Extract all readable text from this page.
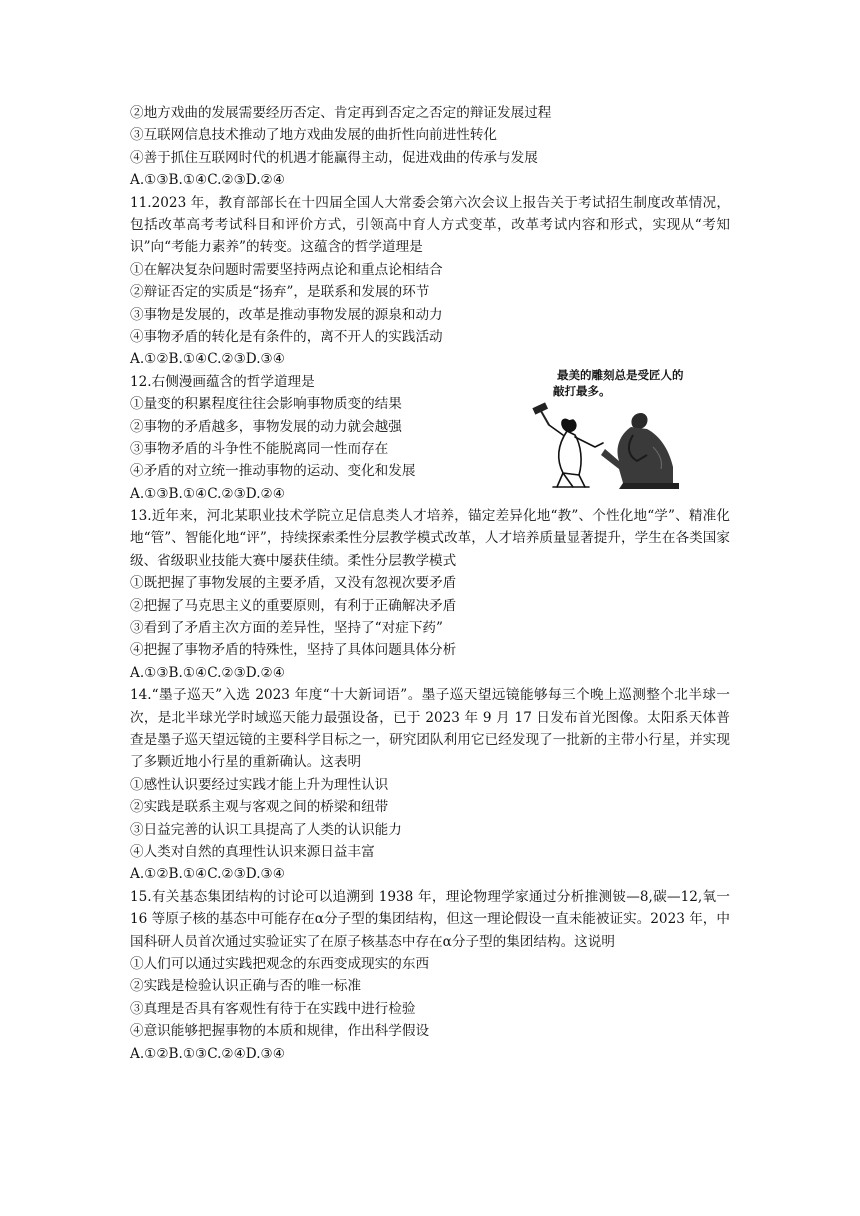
②地方戏曲的发展需要经历否定、肯定再到否定之否定的辩证发展过程
③互联网信息技术推动了地方戏曲发展的曲折性向前进性转化
④善于抓住互联网时代的机遇才能赢得主动，促进戏曲的传承与发展
A.①③B.①④C.②③D.②④
11.2023 年，教育部部长在十四届全国人大常委会第六次会议上报告关于考试招生制度改革情况，包括改革高考考试科目和评价方式，引领高中育人方式变革，改革考试内容和形式，实现从“考知识”向“考能力素养”的转变。这蕴含的哲学道理是
①在解决复杂问题时需要坚持两点论和重点论相结合
②辩证否定的实质是“扬弃”，是联系和发展的环节
③事物是发展的，改革是推动事物发展的源泉和动力
④事物矛盾的转化是有条件的，离不开人的实践活动
A.①②B.①④C.②③D.③④
12.右侧漫画蕴含的哲学道理是
①量变的积累程度往往会影响事物质变的结果
②事物的矛盾越多，事物发展的动力就会越强
③事物矛盾的斗争性不能脱离同一性而存在
④矛盾的对立统一推动事物的运动、变化和发展
A.①③B.①④C.②③D.②④
最美的雕刻总是受匠人的
敲打最多。
13.近年来，河北某职业技术学院立足信息类人才培养，锚定差异化地“教”、个性化地“学”、精准化地“管”、智能化地“评”，持续探索柔性分层教学模式改革，人才培养质量显著提升，学生在各类国家级、省级职业技能大赛中屡获佳绩。柔性分层教学模式
①既把握了事物发展的主要矛盾，又没有忽视次要矛盾
②把握了马克思主义的重要原则，有利于正确解决矛盾
③看到了矛盾主次方面的差异性，坚持了“对症下药”
④把握了事物矛盾的特殊性，坚持了具体问题具体分析
A.①③B.①④C.②③D.②④
14.“墨子巡天”入选 2023 年度“十大新词语”。墨子巡天望远镜能够每三个晚上巡测整个北半球一次，是北半球光学时域巡天能力最强设备，已于 2023 年 9 月 17 日发布首光图像。太阳系天体普查是墨子巡天望远镜的主要科学目标之一，研究团队利用它已经发现了一批新的主带小行星，并实现了多颗近地小行星的重新确认。这表明
①感性认识要经过实践才能上升为理性认识
②实践是联系主观与客观之间的桥梁和纽带
③日益完善的认识工具提高了人类的认识能力
④人类对自然的真理性认识来源日益丰富
A.①②B.①④C.②③D.③④
15.有关基态集团结构的讨论可以追溯到 1938 年，理论物理学家通过分析推测铍—8,碳—12,氧一 16 等原子核的基态中可能存在α分子型的集团结构，但这一理论假设一直未能被证实。2023 年，中国科研人员首次通过实验证实了在原子核基态中存在α分子型的集团结构。这说明
①人们可以通过实践把观念的东西变成现实的东西
②实践是检验认识正确与否的唯一标准
③真理是否具有客观性有待于在实践中进行检验
④意识能够把握事物的本质和规律，作出科学假设
A.①②B.①③C.②④D.③④
